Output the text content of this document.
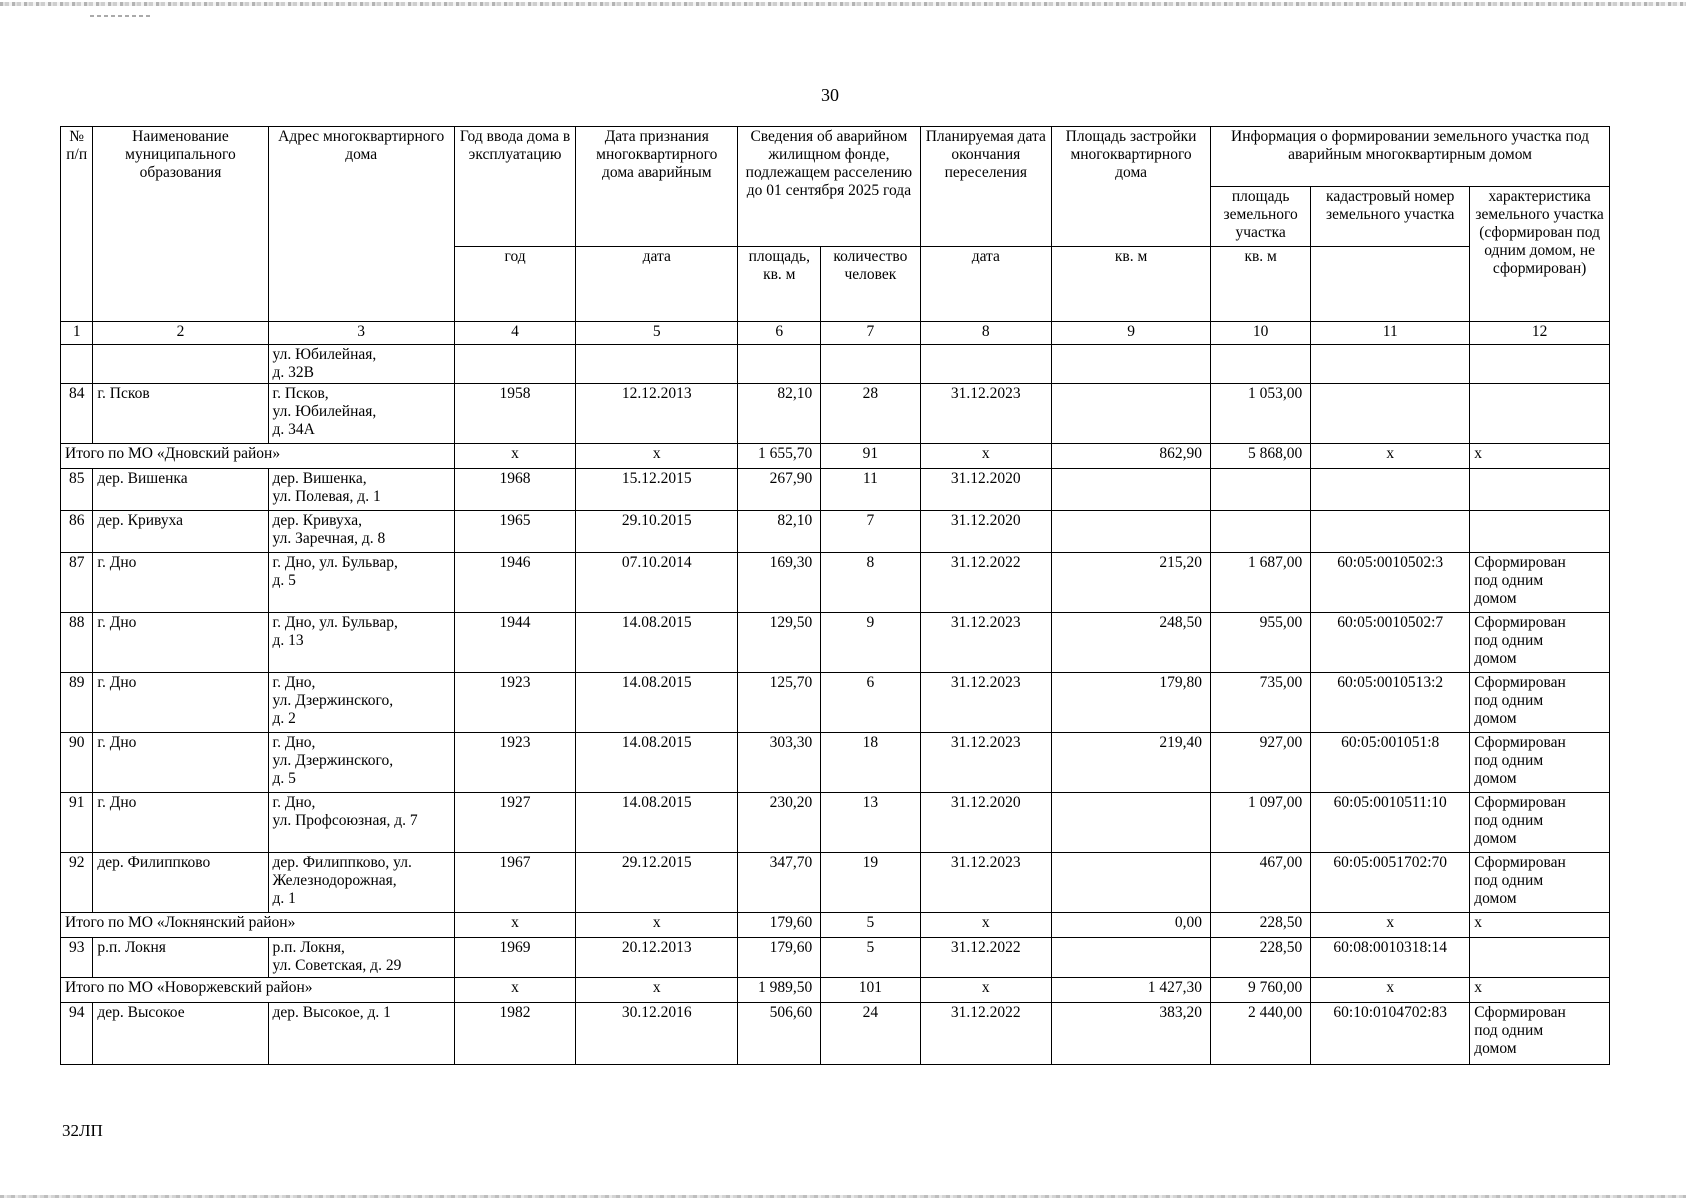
30
№ п/п	Наименование муниципального образования	Адрес многоквартирного дома	Год ввода дома в эксплуатацию	Дата признания многоквартирного дома аварийным	Сведения об аварийном жилищном фонде, подлежащем расселению до 01 сентября 2025 года		Планируемая дата окончания переселения	Площадь застройки многоквартирного дома	Информация о формировании земельного участка под аварийным многоквартирным домом		
									площадь земельного участка	кадастровый номер земельного участка	характеристика земельного участка (сформирован под одним домом, не сформирован)
			год	дата	площадь, кв. м	количество человек	дата	кв. м	кв. м		
1	2	3	4	5	6	7	8	9	10	11	12
		ул. Юбилейная,
д. 32В									
84	г. Псков	г. Псков,
ул. Юбилейная,
д. 34А	1958	12.12.2013	82,10	28	31.12.2023		1 053,00		
Итого по МО «Дновский район»			х	х	1 655,70	91	х	862,90	5 868,00	х	х
85	дер. Вишенка	дер. Вишенка,
ул. Полевая, д. 1	1968	15.12.2015	267,90	11	31.12.2020				
86	дер. Кривуха	дер. Кривуха,
ул. Заречная, д. 8	1965	29.10.2015	82,10	7	31.12.2020				
87	г. Дно	г. Дно, ул. Бульвар,
д. 5	1946	07.10.2014	169,30	8	31.12.2022	215,20	1 687,00	60:05:0010502:3	Сформирован
под одним
домом
88	г. Дно	г. Дно, ул. Бульвар,
д. 13	1944	14.08.2015	129,50	9	31.12.2023	248,50	955,00	60:05:0010502:7	Сформирован
под одним
домом
89	г. Дно	г. Дно,
ул. Дзержинского,
д. 2	1923	14.08.2015	125,70	6	31.12.2023	179,80	735,00	60:05:0010513:2	Сформирован
под одним
домом
90	г. Дно	г. Дно,
ул. Дзержинского,
д. 5	1923	14.08.2015	303,30	18	31.12.2023	219,40	927,00	60:05:001051:8	Сформирован
под одним
домом
91	г. Дно	г. Дно,
ул. Профсоюзная, д. 7	1927	14.08.2015	230,20	13	31.12.2020		1 097,00	60:05:0010511:10	Сформирован
под одним
домом
92	дер. Филиппково	дер. Филиппково, ул.
Железнодорожная,
д. 1	1967	29.12.2015	347,70	19	31.12.2023		467,00	60:05:0051702:70	Сформирован
под одним
домом
Итого по МО «Локнянский район»			х	х	179,60	5	х	0,00	228,50	х	х
93	р.п. Локня	р.п. Локня,
ул. Советская, д. 29	1969	20.12.2013	179,60	5	31.12.2022		228,50	60:08:0010318:14	
Итого по МО «Новоржевский район»			х	х	1 989,50	101	х	1 427,30	9 760,00	х	х
94	дер. Высокое	дер. Высокое, д. 1	1982	30.12.2016	506,60	24	31.12.2022	383,20	2 440,00	60:10:0104702:83	Сформирован
под одним
домом
32ЛП
